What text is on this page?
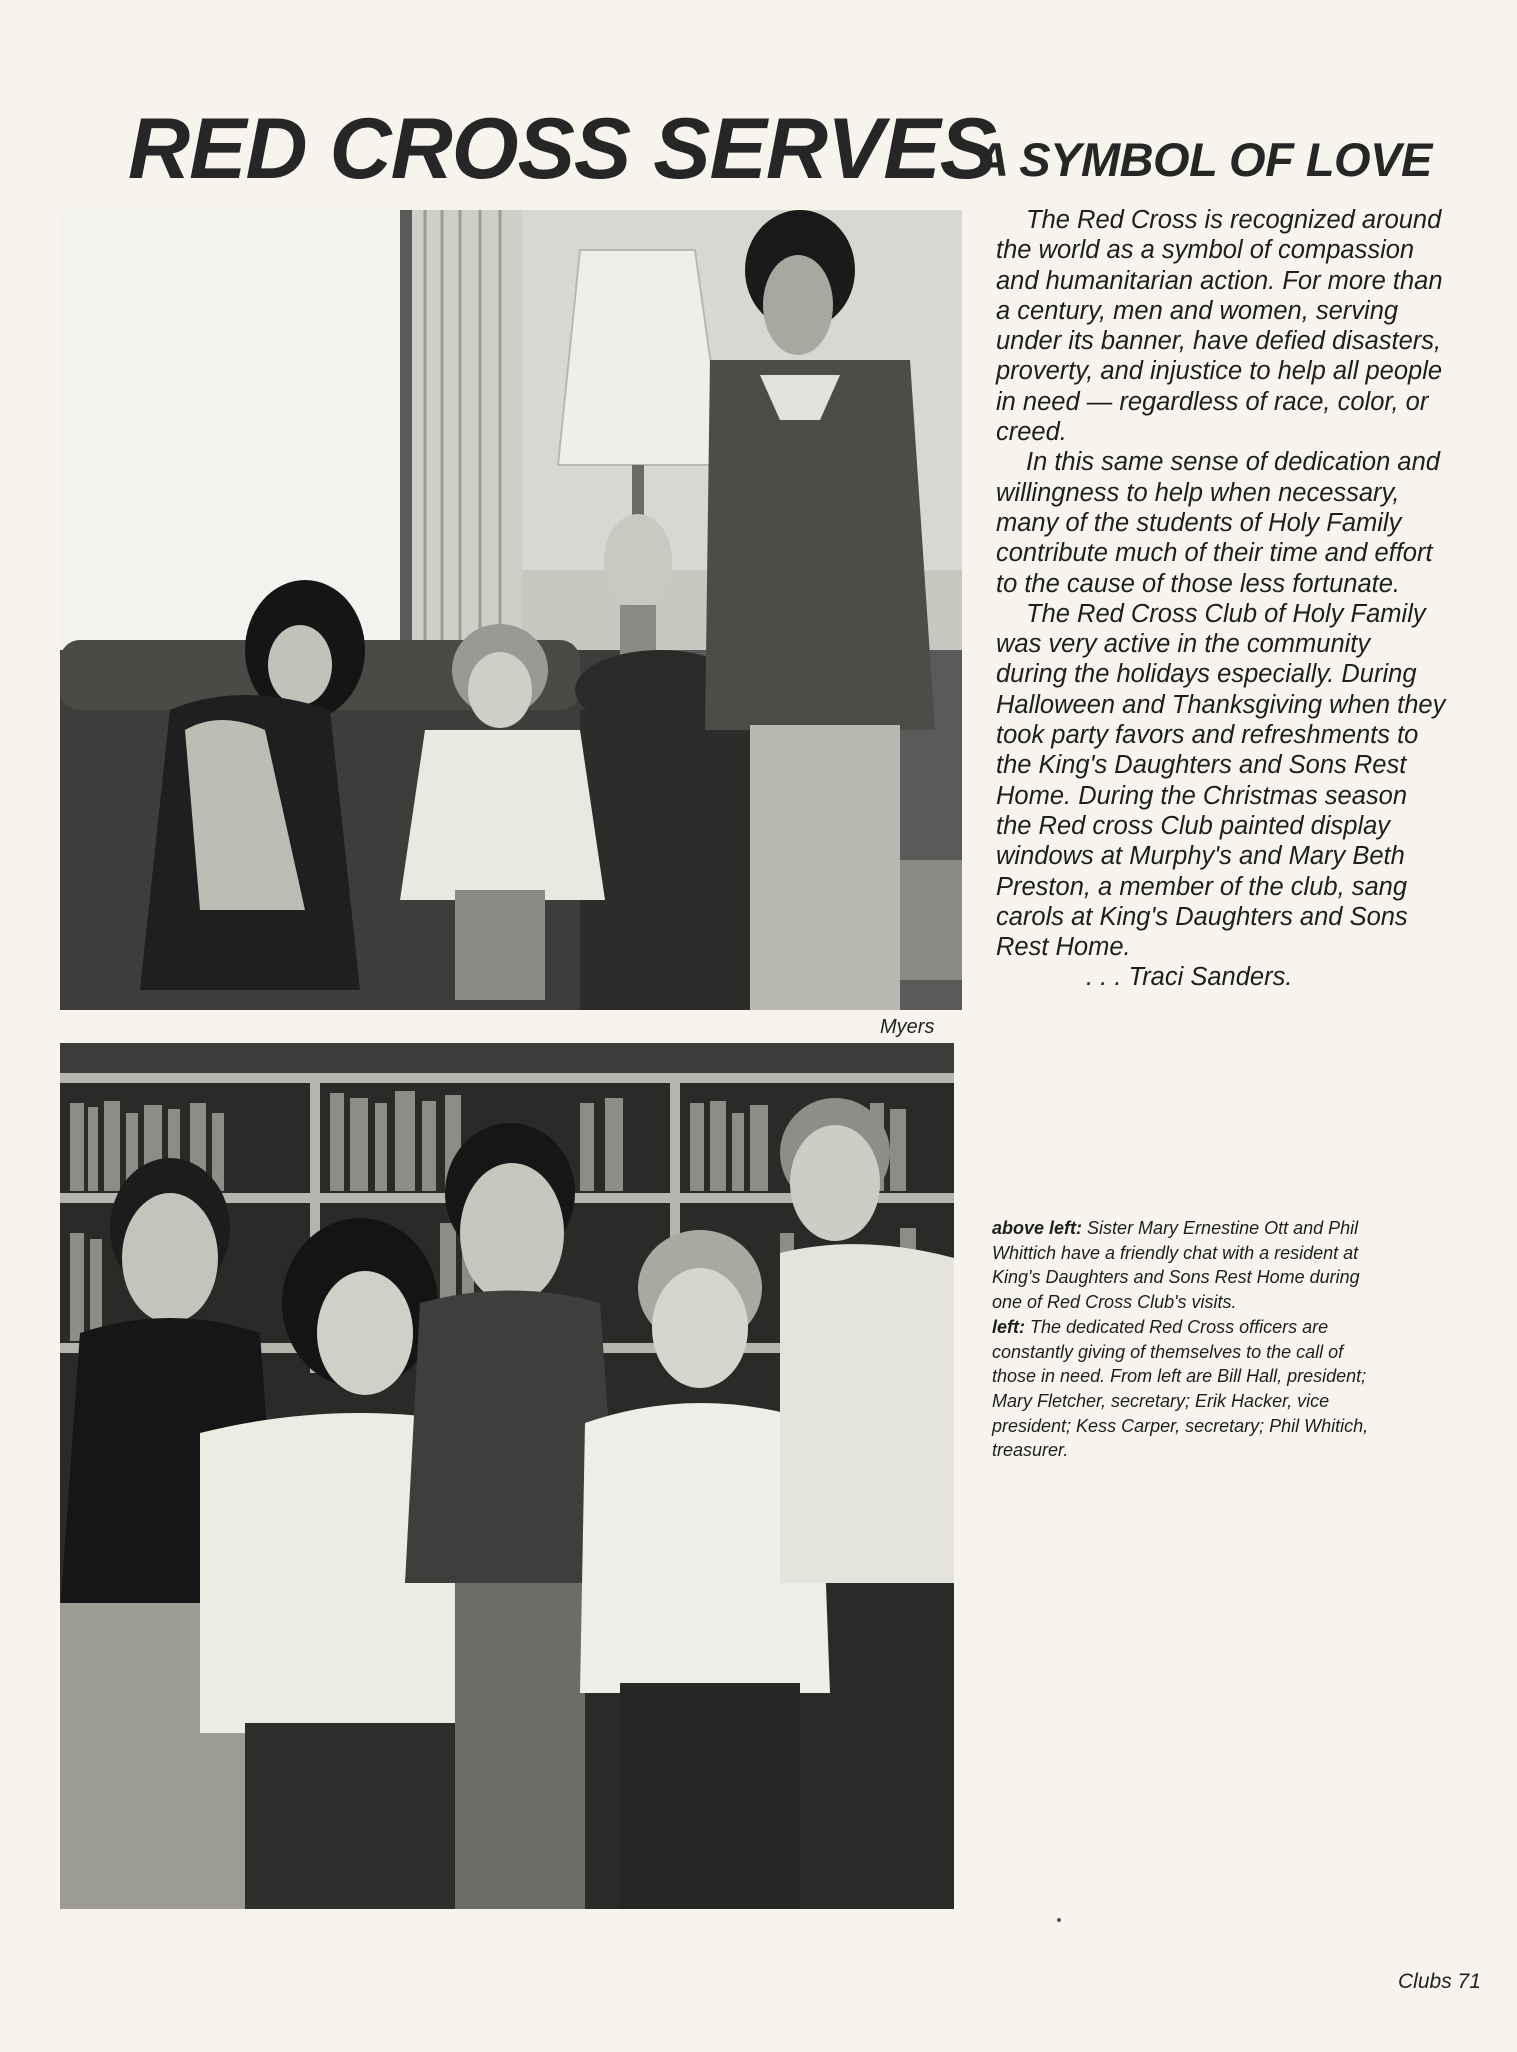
RED CROSS SERVES
A SYMBOL OF LOVE

Myers

The Red Cross is recognized around the world as a symbol of compassion and humanitarian action. For more than a century, men and women, serving under its banner, have defied disasters, proverty, and injustice to help all people in need — regardless of race, color, or creed.

In this same sense of dedication and willingness to help when necessary, many of the students of Holy Family contribute much of their time and effort to the cause of those less fortunate.

The Red Cross Club of Holy Family was very active in the community during the holidays especially. During Halloween and Thanksgiving when they took party favors and refreshments to the King's Daughters and Sons Rest Home. During the Christmas season the Red cross Club painted display windows at Murphy's and Mary Beth Preston, a member of the club, sang carols at King's Daughters and Sons Rest Home.

. . . Traci Sanders.

above left: Sister Mary Ernestine Ott and Phil Whittich have a friendly chat with a resident at King's Daughters and Sons Rest Home during one of Red Cross Club's visits.

left: The dedicated Red Cross officers are constantly giving of themselves to the call of those in need. From left are Bill Hall, president; Mary Fletcher, secretary; Erik Hacker, vice president; Kess Carper, secretary; Phil Whitich, treasurer.

Clubs 71
